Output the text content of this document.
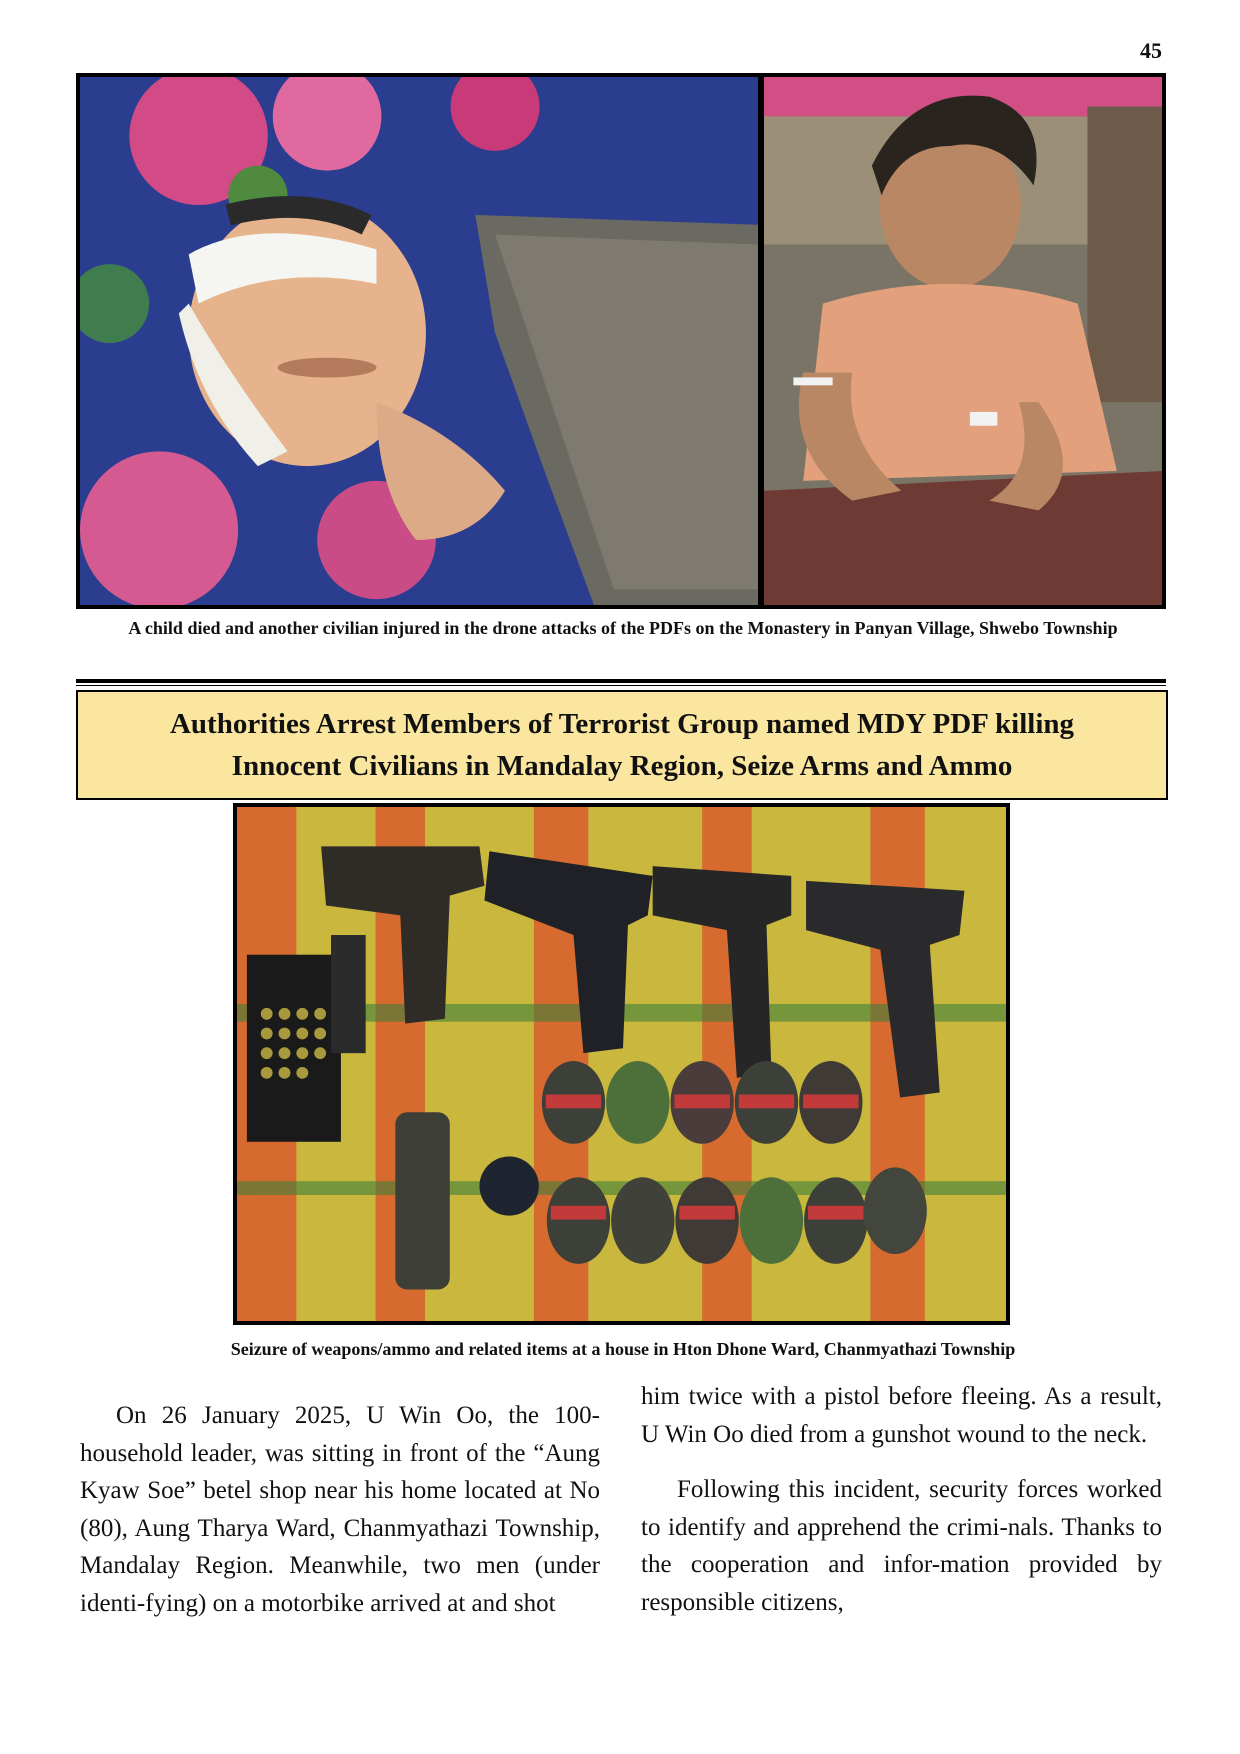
45
A child died and another civilian injured in the drone attacks of the PDFs on the Monastery in Panyan Village, Shwebo Township
Authorities Arrest Members of Terrorist Group named MDY PDF killing
Innocent Civilians in Mandalay Region, Seize Arms and Ammo
Seizure of weapons/ammo and related items at a house in Hton Dhone Ward, Chanmyathazi Township

On 26 January 2025, U Win Oo, the 100-household leader, was sitting in front of the “Aung Kyaw Soe” betel shop near his home located at No (80), Aung Tharya Ward, Chanmyathazi Township, Mandalay Region. Meanwhile, two men (under identi-fying) on a motorbike arrived at and shot

him twice with a pistol before fleeing. As a result, U Win Oo died from a gunshot wound to the neck.

Following this incident, security forces worked to identify and apprehend the crimi-nals. Thanks to the cooperation and infor-mation provided by responsible citizens,
